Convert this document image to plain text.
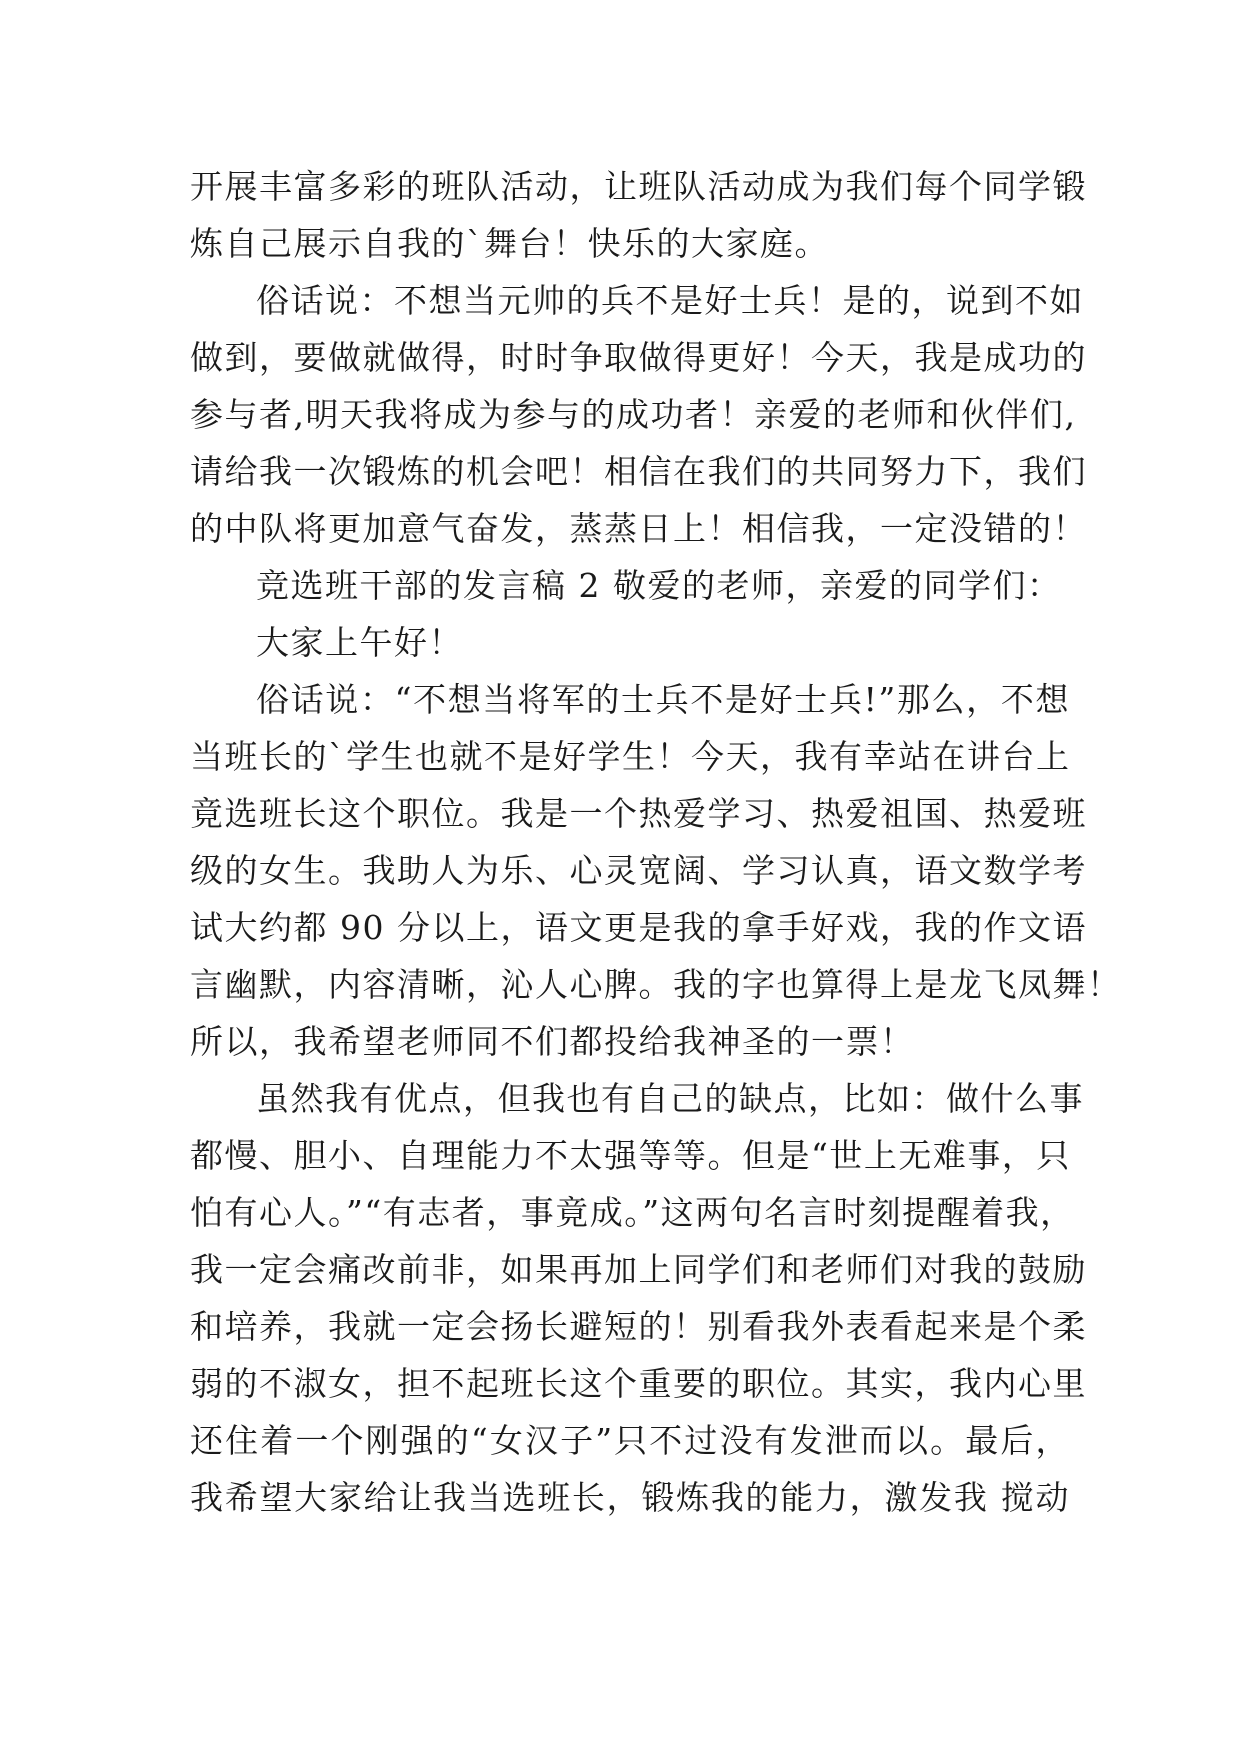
开展丰富多彩的班队活动，让班队活动成为我们每个同学锻
炼自己展示自我的`舞台！快乐的大家庭。
俗话说：不想当元帅的兵不是好士兵！是的，说到不如
做到，要做就做得，时时争取做得更好！今天，我是成功的
参与者,明天我将成为参与的成功者！亲爱的老师和伙伴们,
请给我一次锻炼的机会吧！相信在我们的共同努力下，我们
的中队将更加意气奋发，蒸蒸日上！相信我，一定没错的！
竞选班干部的发言稿 2 敬爱的老师，亲爱的同学们：
大家上午好！
俗话说：“不想当将军的士兵不是好士兵!”那么，不想
当班长的`学生也就不是好学生！今天，我有幸站在讲台上
竟选班长这个职位。我是一个热爱学习、热爱祖国、热爱班
级的女生。我助人为乐、心灵宽阔、学习认真，语文数学考
试大约都 90 分以上，语文更是我的拿手好戏，我的作文语
言幽默，内容清晰，沁人心脾。我的字也算得上是龙飞凤舞！
所以，我希望老师同不们都投给我神圣的一票！
虽然我有优点，但我也有自己的缺点，比如：做什么事
都慢、胆小、自理能力不太强等等。但是“世上无难事，只
怕有心人。”“有志者，事竟成。”这两句名言时刻提醒着我，
我一定会痛改前非，如果再加上同学们和老师们对我的鼓励
和培养，我就一定会扬长避短的！别看我外表看起来是个柔
弱的不淑女，担不起班长这个重要的职位。其实，我内心里
还住着一个刚强的“女汉子”只不过没有发泄而以。最后，
我希望大家给让我当选班长，锻炼我的能力，激发我 搅动
